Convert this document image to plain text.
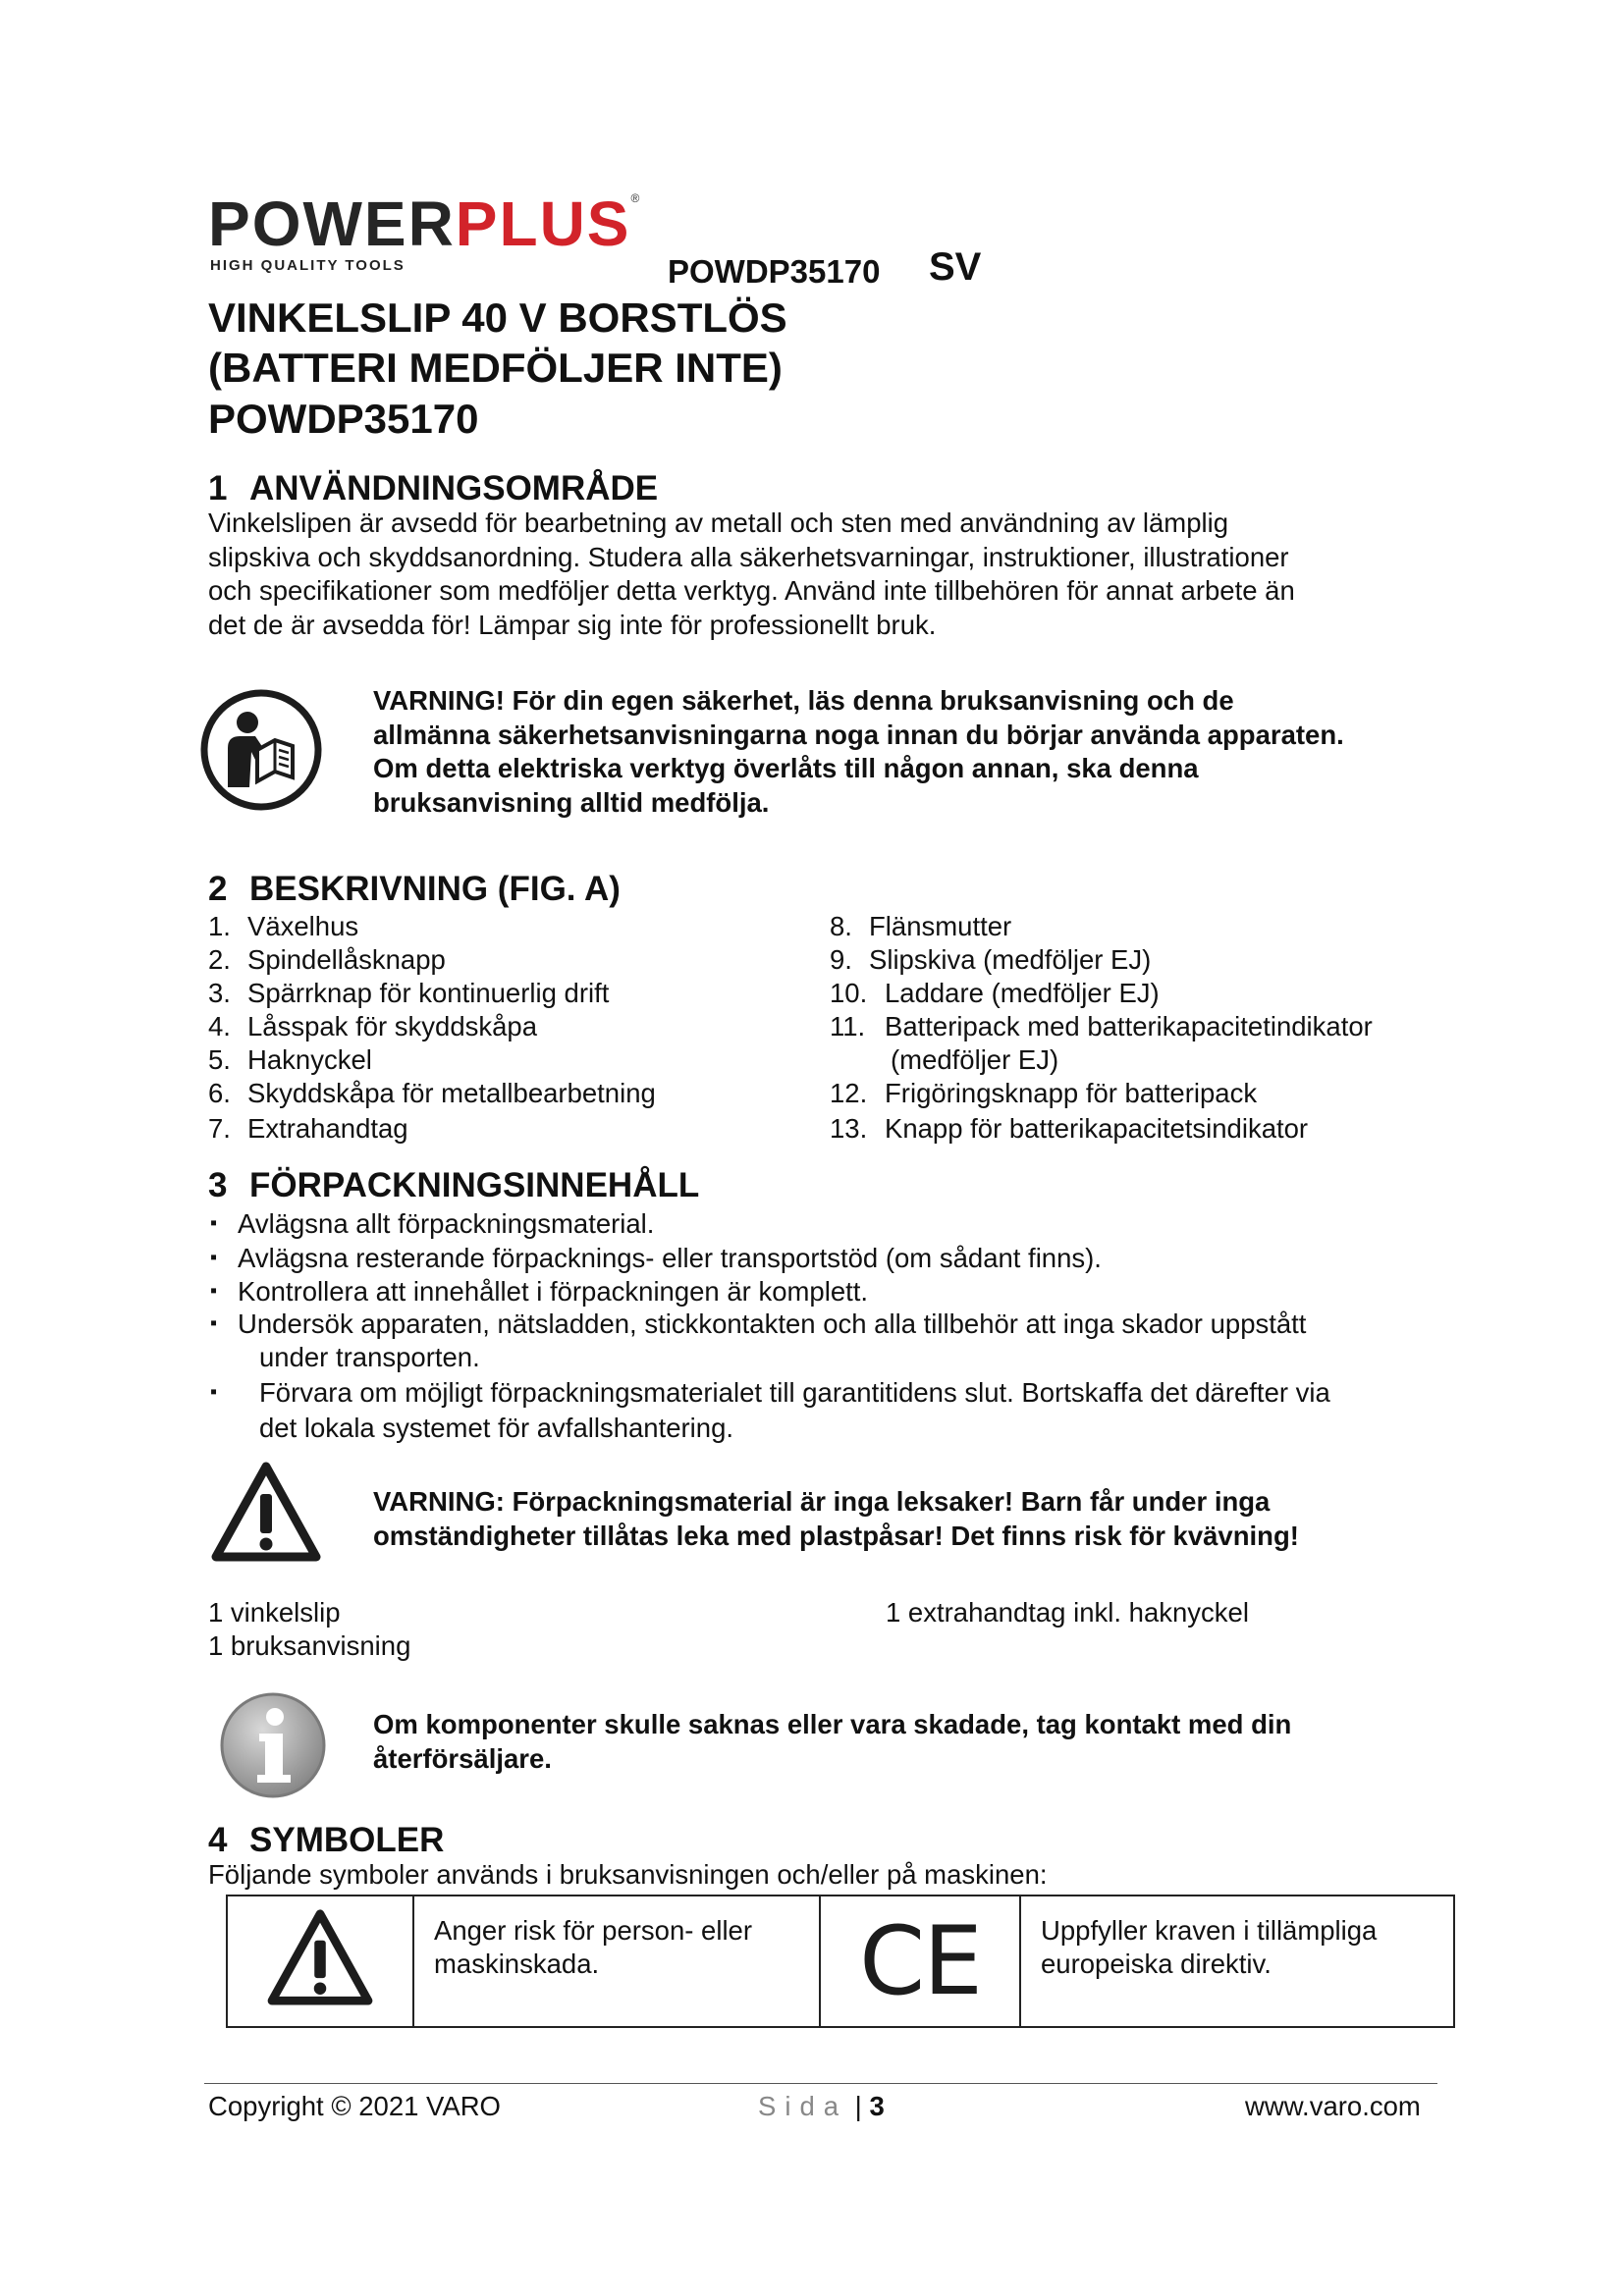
POWERPLUS®
HIGH QUALITY TOOLS	POWDP35170 SV
VINKELSLIP 40 V BORSTLÖS
(BATTERI MEDFÖLJER INTE)
POWDP35170
1 ANVÄNDNINGSOMRÅDE
Vinkelslipen är avsedd för bearbetning av metall och sten med användning av lämplig
slipskiva och skyddsanordning. Studera alla säkerhetsvarningar, instruktioner, illustrationer
och specifikationer som medföljer detta verktyg. Använd inte tillbehören för annat arbete än
det de är avsedda för! Lämpar sig inte för professionellt bruk.
VARNING! För din egen säkerhet, läs denna bruksanvisning och de
allmänna säkerhetsanvisningarna noga innan du börjar använda apparaten.
Om detta elektriska verktyg överlåts till någon annan, ska denna
bruksanvisning alltid medfölja.
2 BESKRIVNING (FIG. A)
1. Växelhus
2. Spindellåsknapp
3. Spärrknap för kontinuerlig drift
4. Låsspak för skyddskåpa
5. Haknyckel
6. Skyddskåpa för metallbearbetning
7. Extrahandtag
8. Flänsmutter
9. Slipskiva (medföljer EJ)
10. Laddare (medföljer EJ)
11. Batteripack med batterikapacitetindikator
(medföljer EJ)
12. Frigöringsknapp för batteripack
13. Knapp för batterikapacitetsindikator
3 FÖRPACKNINGSINNEHÅLL
▪ Avlägsna allt förpackningsmaterial.
▪ Avlägsna resterande förpacknings- eller transportstöd (om sådant finns).
▪ Kontrollera att innehållet i förpackningen är komplett.
▪ Undersök apparaten, nätsladden, stickkontakten och alla tillbehör att inga skador uppstått
under transporten.
▪	Förvara om möjligt förpackningsmaterialet till garantitidens slut. Bortskaffa det därefter via
det lokala systemet för avfallshantering.
VARNING: Förpackningsmaterial är inga leksaker! Barn får under inga
omständigheter tillåtas leka med plastpåsar! Det finns risk för kvävning!
1 vinkelslip
1 bruksanvisning
1 extrahandtag inkl. haknyckel
Om komponenter skulle saknas eller vara skadade, tag kontakt med din
återförsäljare.
4 SYMBOLER
Följande symboler används i bruksanvisningen och/eller på maskinen:

Anger risk för person- eller
maskinskada.	CE	Uppfyller kraven i tillämpliga
europeiska direktiv.
Copyright © 2021 VARO	Sida | 3	www.varo.com
